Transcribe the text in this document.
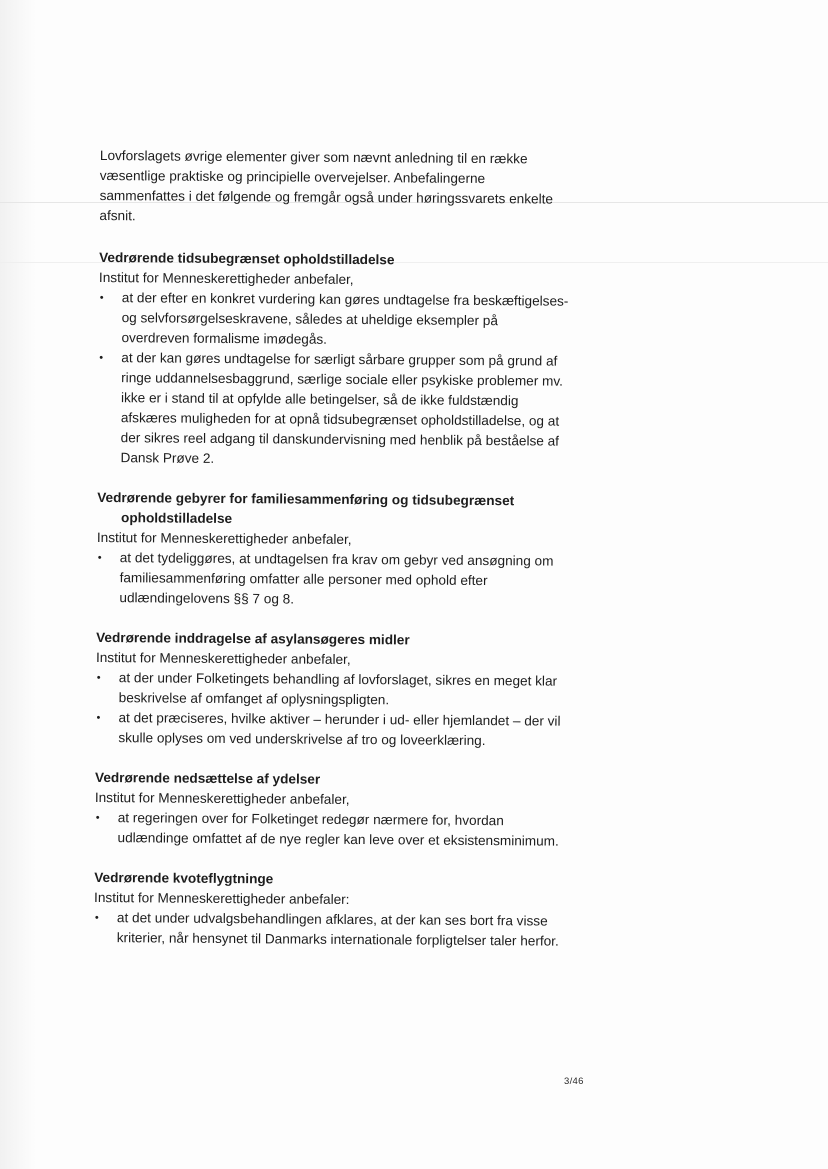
Lovforslagets øvrige elementer giver som nævnt anledning til en række væsentlige praktiske og principielle overvejelser. Anbefalingerne sammenfattes i det følgende og fremgår også under høringssvarets enkelte afsnit.

Vedrørende tidsubegrænset opholdstilladelse

Institut for Menneskerettigheder anbefaler,

• at der efter en konkret vurdering kan gøres undtagelse fra beskæftigelses- og selvforsørgelseskravene, således at uheldige eksempler på overdreven formalisme imødegås.
• at der kan gøres undtagelse for særligt sårbare grupper som på grund af ringe uddannelsesbaggrund, særlige sociale eller psykiske problemer mv. ikke er i stand til at opfylde alle betingelser, så de ikke fuldstændig afskæres muligheden for at opnå tidsubegrænset opholdstilladelse, og at der sikres reel adgang til danskundervisning med henblik på beståelse af Dansk Prøve 2.

Vedrørende gebyrer for familiesammenføring og tidsubegrænset opholdstilladelse

Institut for Menneskerettigheder anbefaler,

• at det tydeliggøres, at undtagelsen fra krav om gebyr ved ansøgning om familiesammenføring omfatter alle personer med ophold efter udlændingelovens §§ 7 og 8.

Vedrørende inddragelse af asylansøgeres midler

Institut for Menneskerettigheder anbefaler,

• at der under Folketingets behandling af lovforslaget, sikres en meget klar beskrivelse af omfanget af oplysningspligten.
• at det præciseres, hvilke aktiver – herunder i ud- eller hjemlandet – der vil skulle oplyses om ved underskrivelse af tro og loveerklæring.

Vedrørende nedsættelse af ydelser

Institut for Menneskerettigheder anbefaler,

• at regeringen over for Folketinget redegør nærmere for, hvordan udlændinge omfattet af de nye regler kan leve over et eksistensminimum.

Vedrørende kvoteflygtninge

Institut for Menneskerettigheder anbefaler:

• at det under udvalgsbehandlingen afklares, at der kan ses bort fra visse kriterier, når hensynet til Danmarks internationale forpligtelser taler herfor.
3/46
